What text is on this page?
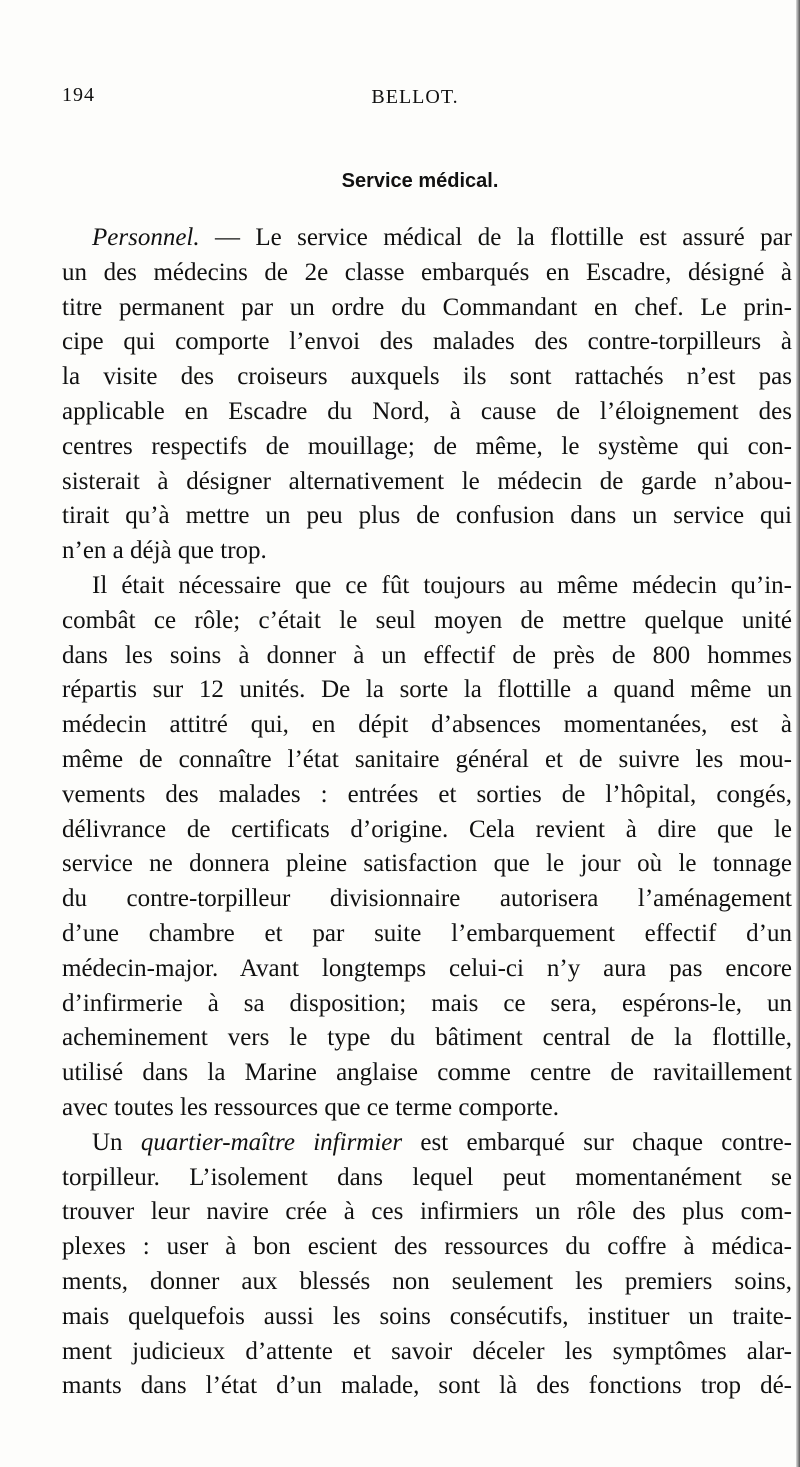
194	BELLOT.
Service médical.
Personnel. — Le service médical de la flottille est assuré par
un des médecins de 2e classe embarqués en Escadre, désigné à
titre permanent par un ordre du Commandant en chef. Le prin-
cipe qui comporte l’envoi des malades des contre-torpilleurs à
la visite des croiseurs auxquels ils sont rattachés n’est pas
applicable en Escadre du Nord, à cause de l’éloignement des
centres respectifs de mouillage; de même, le système qui con-
sisterait à désigner alternativement le médecin de garde n’abou-
tirait qu’à mettre un peu plus de confusion dans un service qui
n’en a déjà que trop.
Il était nécessaire que ce fût toujours au même médecin qu’in-
combât ce rôle; c’était le seul moyen de mettre quelque unité
dans les soins à donner à un effectif de près de 800 hommes
répartis sur 12 unités. De la sorte la flottille a quand même un
médecin attitré qui, en dépit d’absences momentanées, est à
même de connaître l’état sanitaire général et de suivre les mou-
vements des malades : entrées et sorties de l’hôpital, congés,
délivrance de certificats d’origine. Cela revient à dire que le
service ne donnera pleine satisfaction que le jour où le tonnage
du contre-torpilleur divisionnaire autorisera l’aménagement
d’une chambre et par suite l’embarquement effectif d’un
médecin-major. Avant longtemps celui-ci n’y aura pas encore
d’infirmerie à sa disposition; mais ce sera, espérons-le, un
acheminement vers le type du bâtiment central de la flottille,
utilisé dans la Marine anglaise comme centre de ravitaillement
avec toutes les ressources que ce terme comporte.
Un quartier-maître infirmier est embarqué sur chaque contre-
torpilleur. L’isolement dans lequel peut momentanément se
trouver leur navire crée à ces infirmiers un rôle des plus com-
plexes : user à bon escient des ressources du coffre à médica-
ments, donner aux blessés non seulement les premiers soins,
mais quelquefois aussi les soins consécutifs, instituer un traite-
ment judicieux d’attente et savoir déceler les symptômes alar-
mants dans l’état d’un malade, sont là des fonctions trop dé-
